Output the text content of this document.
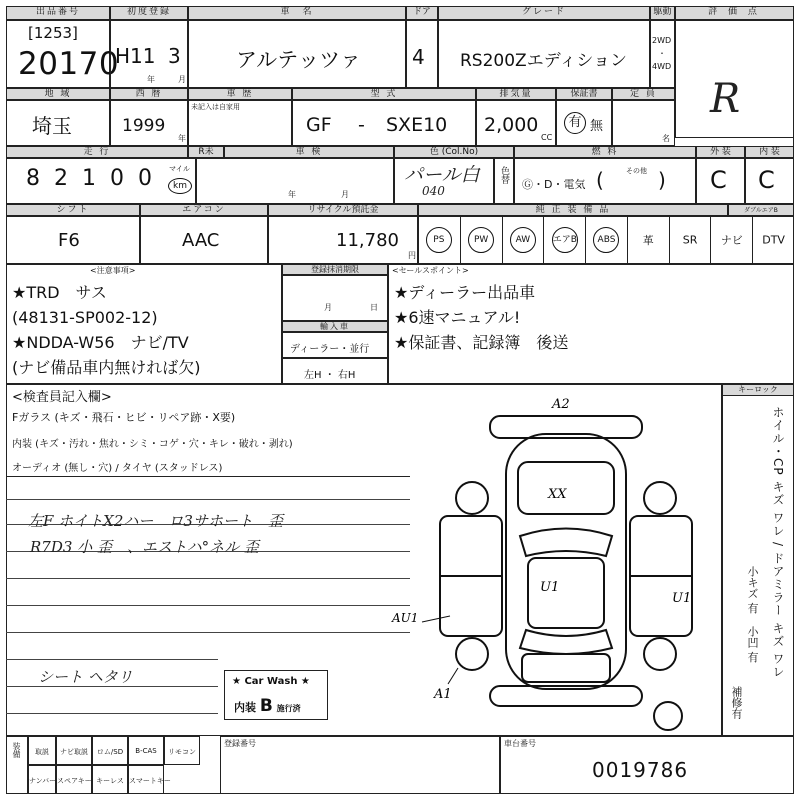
出品番号
[1253]
20170
初度登録
H11 3
年	月
車　名
アルテッツァ
ドア
4
グレード
RS200Zエディション
駆動
2WD
・
4WD
評 価 点
R
地 域
埼玉
西 暦
1999
年
車 歴
未記入は自家用
型 式
GF - SXE10
排気量
2,000
CC
保証書
有 無
定 員
名
走 行
8 2 1 0 0	マイル
km
R未	車 検
年	月
色 (Col.No)
パール白
040
色替
燃 料
Ⓖ・D・電気 (	その他 )
外 装
C
内 装
C
シフト
F6
エアコン
AAC
リサイクル預託金
11,780
円
純 正 装 備 品	ダブルエアB
PS	PW	AW	エアB	ABS	革	SR ナビ DTV
<注意事項>
★TRD　サス
(48131-SP002-12)
★NDDA-W56　ナビ/TV
(ナビ備品車内無ければ欠)
登録抹消期限
月	日
輸入車
ディーラー・並行
左H ・ 右H
<セールスポイント>
★ディーラー出品車
★6速マニュアル!
★保証書、記録簿　後送
<検査員記入欄>
Fガラス (キズ・飛石・ヒビ・リペア跡・X要)
内装 (キズ・汚れ・焦れ・シミ・コゲ・穴・キレ・破れ・剥れ)
オーディオ (無し・穴) / タイヤ (スタッドレス)
左F ホイトX2ハー　ロ3サホート　歪
R7D3 小 歪　、エストハ°ネル 歪
シート ヘタリ	★ Car Wash ★
内装 B 施行済
A2
XX
U1
AU1
U1
A1
キーロック
ホイル・CP キズ ワレ / ドアミラー キズ ワレ
小キズ 有
小凹 有
補修有
装備	取説	ナビ取説	ロム/SD	B-CAS	リモコン
ナンバー スペアキー キーレス スマートキー
登録番号	車台番号
0019786
